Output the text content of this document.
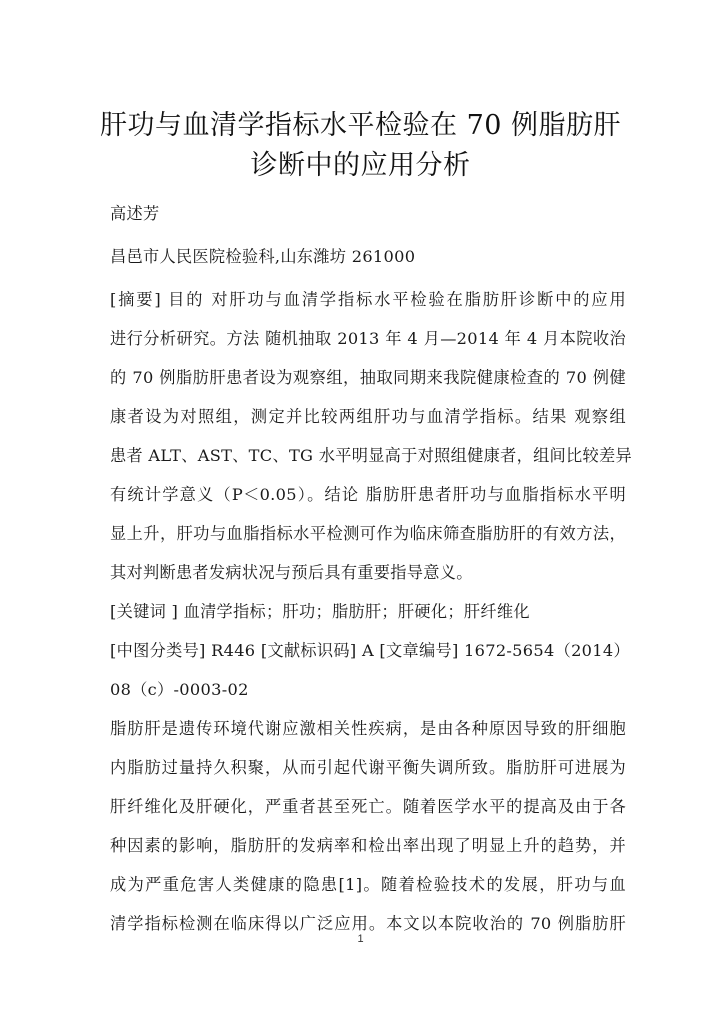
肝功与血清学指标水平检验在 70 例脂肪肝
诊断中的应用分析
高述芳
昌邑市人民医院检验科,山东潍坊 261000
[摘要] 目的 对肝功与血清学指标水平检验在脂肪肝诊断中的应用
进行分析研究。方法 随机抽取 2013 年 4 月—2014 年 4 月本院收治
的 70 例脂肪肝患者设为观察组，抽取同期来我院健康检查的 70 例健
康者设为对照组，测定并比较两组肝功与血清学指标。结果 观察组
患者 ALT、AST、TC、TG 水平明显高于对照组健康者，组间比较差异
有统计学意义（P＜0.05）。结论 脂肪肝患者肝功与血脂指标水平明
显上升，肝功与血脂指标水平检测可作为临床筛查脂肪肝的有效方法，
其对判断患者发病状况与预后具有重要指导意义。
[关键词 ] 血清学指标；肝功；脂肪肝；肝硬化；肝纤维化
[中图分类号] R446 [文献标识码] A [文章编号] 1672-5654（2014）
08（c）-0003-02
脂肪肝是遗传环境代谢应激相关性疾病，是由各种原因导致的肝细胞
内脂肪过量持久积聚，从而引起代谢平衡失调所致。脂肪肝可进展为
肝纤维化及肝硬化，严重者甚至死亡。随着医学水平的提高及由于各
种因素的影响，脂肪肝的发病率和检出率出现了明显上升的趋势，并
成为严重危害人类健康的隐患[1]。随着检验技术的发展，肝功与血
清学指标检测在临床得以广泛应用。本文以本院收治的 70 例脂肪肝
1
